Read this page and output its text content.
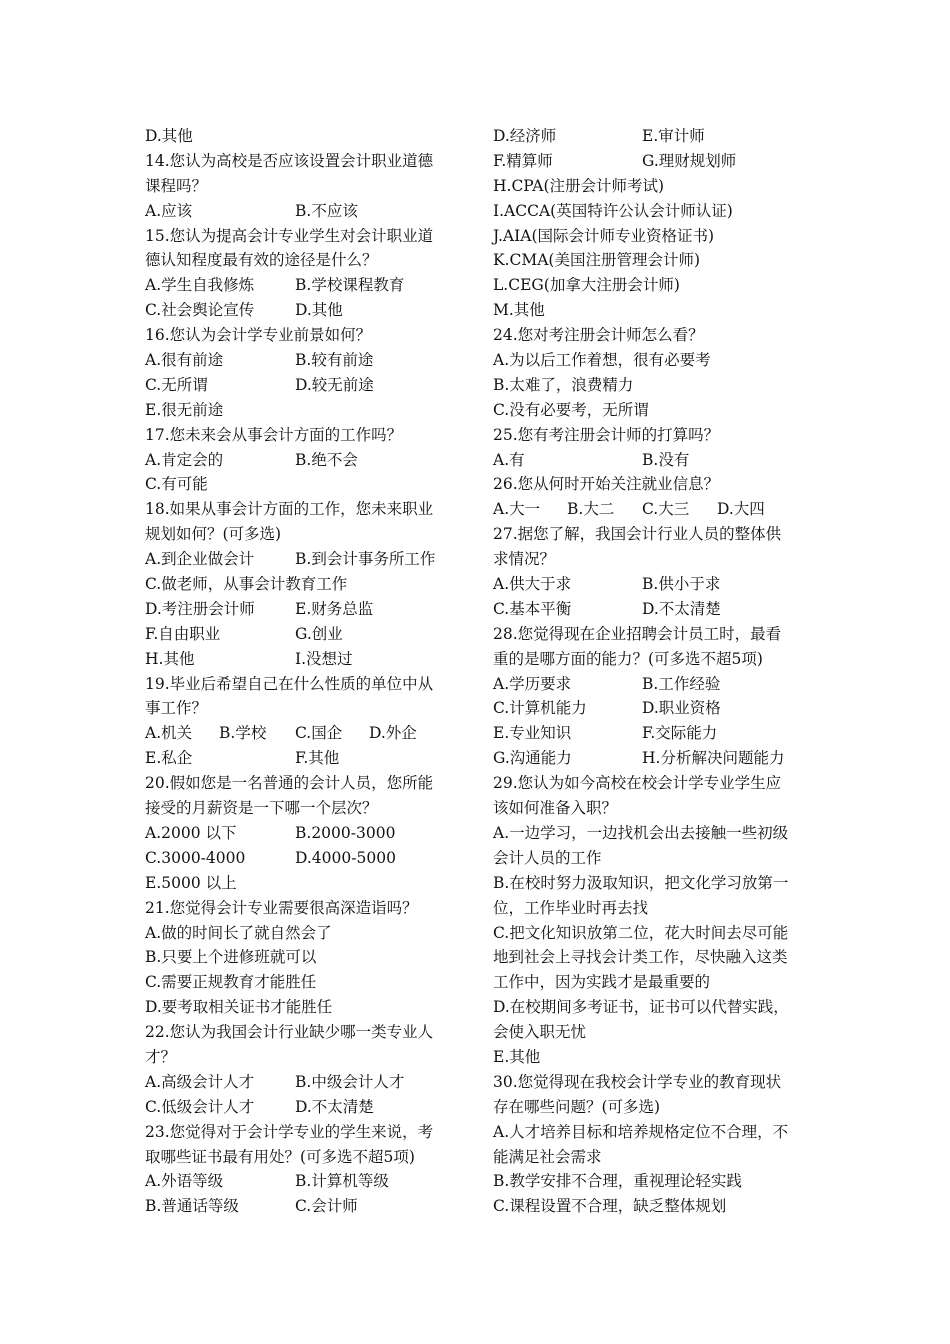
D.其他
14.您认为高校是否应该设置会计职业道德
课程吗？
A.应该	B.不应该
15.您认为提高会计专业学生对会计职业道
德认知程度最有效的途径是什么？
A.学生自我修炼	B.学校课程教育
C.社会舆论宣传	D.其他
16.您认为会计学专业前景如何？
A.很有前途	B.较有前途
C.无所谓	D.较无前途
E.很无前途
17.您未来会从事会计方面的工作吗？
A.肯定会的	B.绝不会
C.有可能
18.如果从事会计方面的工作，您未来职业
规划如何？(可多选)
A.到企业做会计	B.到会计事务所工作
C.做老师，从事会计教育工作
D.考注册会计师	E.财务总监
F.自由职业	G.创业
H.其他	I.没想过
19.毕业后希望自己在什么性质的单位中从
事工作？
A.机关 B.学校 C.国企 D.外企
E.私企	F.其他
20.假如您是一名普通的会计人员，您所能
接受的月薪资是一下哪一个层次？
A.2000 以下	B.2000-3000
C.3000-4000	D.4000-5000
E.5000 以上
21.您觉得会计专业需要很高深造诣吗？
A.做的时间长了就自然会了
B.只要上个进修班就可以
C.需要正规教育才能胜任
D.要考取相关证书才能胜任
22.您认为我国会计行业缺少哪一类专业人
才？
A.高级会计人才	B.中级会计人才
C.低级会计人才	D.不太清楚
23.您觉得对于会计学专业的学生来说，考
取哪些证书最有用处？(可多选不超5项)
A.外语等级	B.计算机等级
B.普通话等级	C.会计师
D.经济师	E.审计师
F.精算师	G.理财规划师
H.CPA(注册会计师考试)
I.ACCA(英国特许公认会计师认证)
J.AIA(国际会计师专业资格证书)
K.CMA(美国注册管理会计师)
L.CEG(加拿大注册会计师)
M.其他
24.您对考注册会计师怎么看？
A.为以后工作着想，很有必要考
B.太难了，浪费精力
C.没有必要考，无所谓
25.您有考注册会计师的打算吗？
A.有	B.没有
26.您从何时开始关注就业信息？
A.大一 B.大二 C.大三 D.大四
27.据您了解，我国会计行业人员的整体供
求情况？
A.供大于求	B.供小于求
C.基本平衡	D.不太清楚
28.您觉得现在企业招聘会计员工时，最看
重的是哪方面的能力？(可多选不超5项)
A.学历要求	B.工作经验
C.计算机能力	D.职业资格
E.专业知识	F.交际能力
G.沟通能力	H.分析解决问题能力
29.您认为如今高校在校会计学专业学生应
该如何准备入职？
A.一边学习，一边找机会出去接触一些初级
会计人员的工作
B.在校时努力汲取知识，把文化学习放第一
位，工作毕业时再去找
C.把文化知识放第二位，花大时间去尽可能
地到社会上寻找会计类工作，尽快融入这类
工作中，因为实践才是最重要的
D.在校期间多考证书，证书可以代替实践，
会使入职无忧
E.其他
30.您觉得现在我校会计学专业的教育现状
存在哪些问题？(可多选)
A.人才培养目标和培养规格定位不合理，不
能满足社会需求
B.教学安排不合理，重视理论轻实践
C.课程设置不合理，缺乏整体规划
